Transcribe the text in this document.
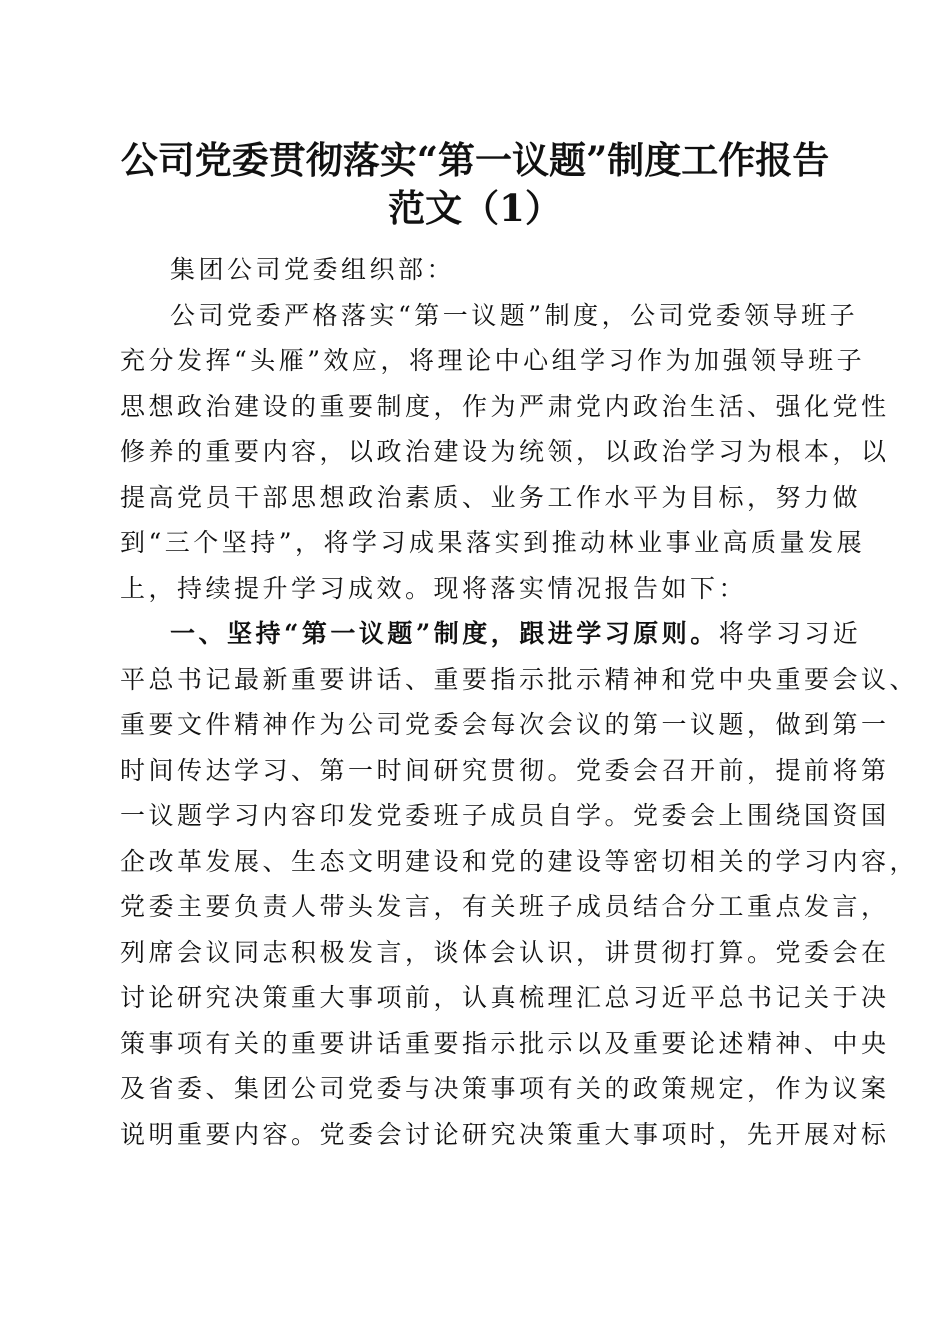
公司党委贯彻落实“第一议题”制度工作报告
范文（1）
集团公司党委组织部：
公司党委严格落实“第一议题”制度，公司党委领导班子
充分发挥“头雁”效应，将理论中心组学习作为加强领导班子
思想政治建设的重要制度，作为严肃党内政治生活、强化党性
修养的重要内容，以政治建设为统领，以政治学习为根本，以
提高党员干部思想政治素质、业务工作水平为目标，努力做
到“三个坚持”，将学习成果落实到推动林业事业高质量发展
上，持续提升学习成效。现将落实情况报告如下：
一、坚持“第一议题”制度，跟进学习原则。将学习习近
平总书记最新重要讲话、重要指示批示精神和党中央重要会议、
重要文件精神作为公司党委会每次会议的第一议题，做到第一
时间传达学习、第一时间研究贯彻。党委会召开前，提前将第
一议题学习内容印发党委班子成员自学。党委会上围绕国资国
企改革发展、生态文明建设和党的建设等密切相关的学习内容，
党委主要负责人带头发言，有关班子成员结合分工重点发言，
列席会议同志积极发言，谈体会认识，讲贯彻打算。党委会在
讨论研究决策重大事项前，认真梳理汇总习近平总书记关于决
策事项有关的重要讲话重要指示批示以及重要论述精神、中央
及省委、集团公司党委与决策事项有关的政策规定，作为议案
说明重要内容。党委会讨论研究决策重大事项时，先开展对标
